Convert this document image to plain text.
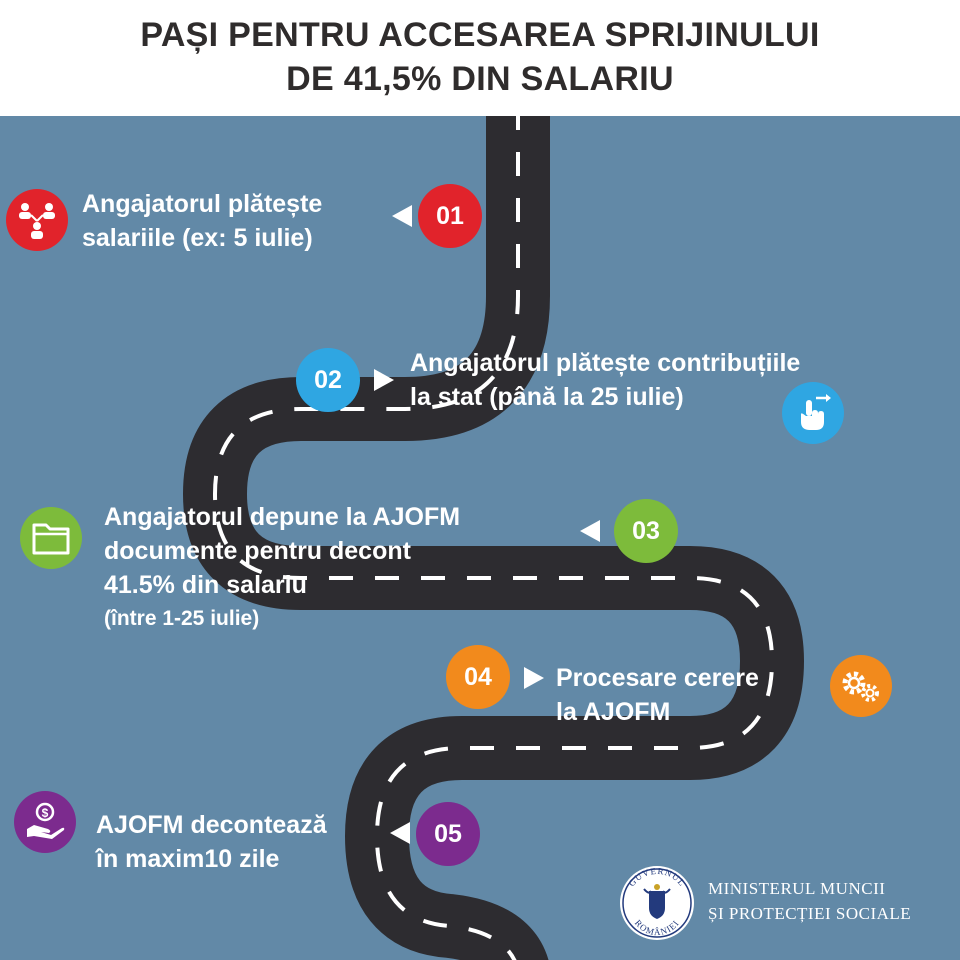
PAȘI PENTRU ACCESAREA SPRIJINULUI
DE 41,5% DIN SALARIU
Angajatorul plătește
salariile (ex: 5 iulie)
01
02
Angajatorul plătește contribuțiile
la stat (până la 25 iulie)
Angajatorul depune la AJOFM
documente pentru decont
41.5% din salariu
(între 1-25 iulie)
03
04	Procesare cerere
la AJOFM
$ AJOFM decontează
în maxim10 zile
05
GUVERNUL
ROMÂNIEI
MINISTERUL MUNCII
ȘI PROTECȚIEI SOCIALE
